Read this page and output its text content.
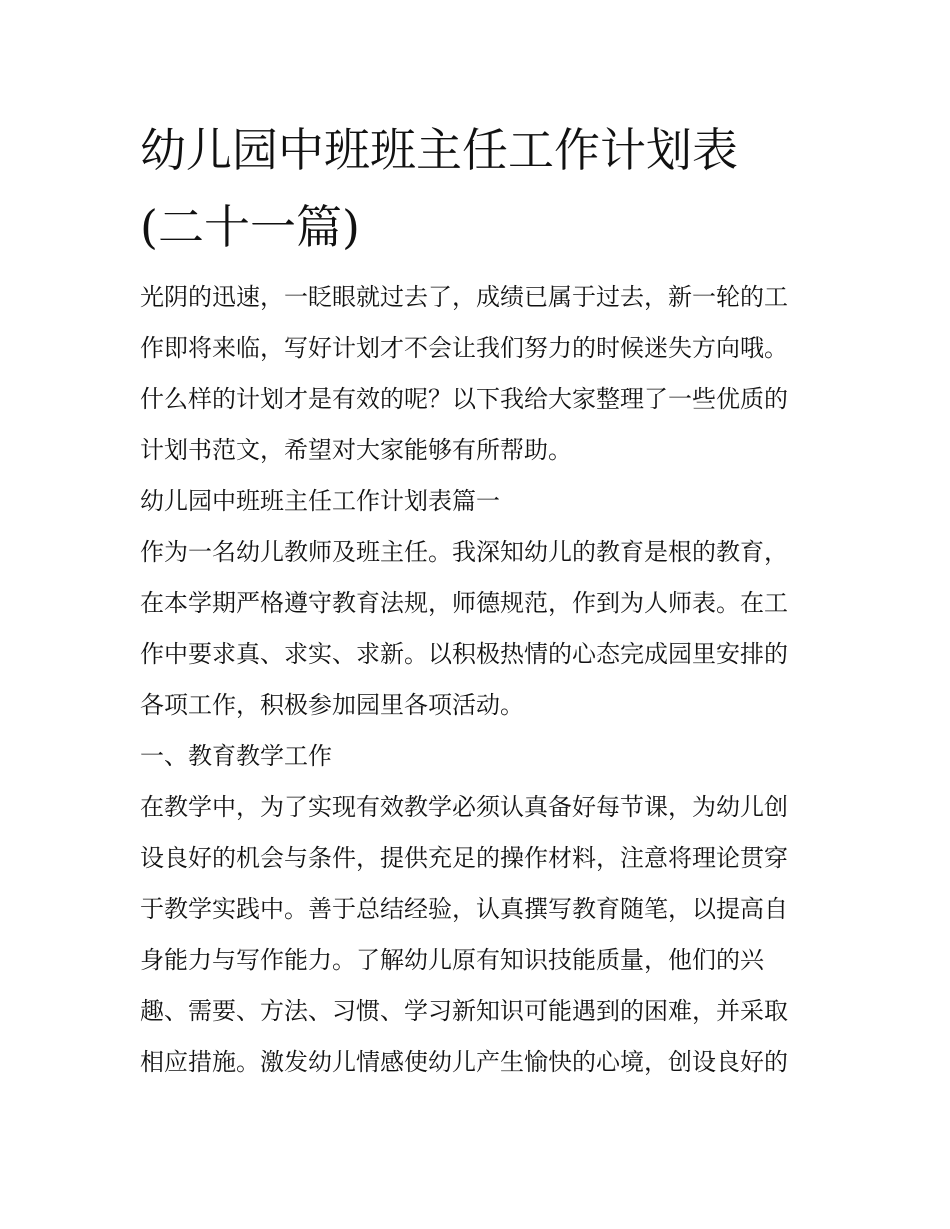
幼儿园中班班主任工作计划表
(二十一篇)
光阴的迅速，一眨眼就过去了，成绩已属于过去，新一轮的工
作即将来临，写好计划才不会让我们努力的时候迷失方向哦。
什么样的计划才是有效的呢？以下我给大家整理了一些优质的
计划书范文，希望对大家能够有所帮助。
幼儿园中班班主任工作计划表篇一
作为一名幼儿教师及班主任。我深知幼儿的教育是根的教育，
在本学期严格遵守教育法规，师德规范，作到为人师表。在工
作中要求真、求实、求新。以积极热情的心态完成园里安排的
各项工作，积极参加园里各项活动。
一、教育教学工作
在教学中，为了实现有效教学必须认真备好每节课，为幼儿创
设良好的机会与条件，提供充足的操作材料，注意将理论贯穿
于教学实践中。善于总结经验，认真撰写教育随笔，以提高自
身能力与写作能力。了解幼儿原有知识技能质量，他们的兴
趣、需要、方法、习惯、学习新知识可能遇到的困难，并采取
相应措施。激发幼儿情感使幼儿产生愉快的心境，创设良好的
